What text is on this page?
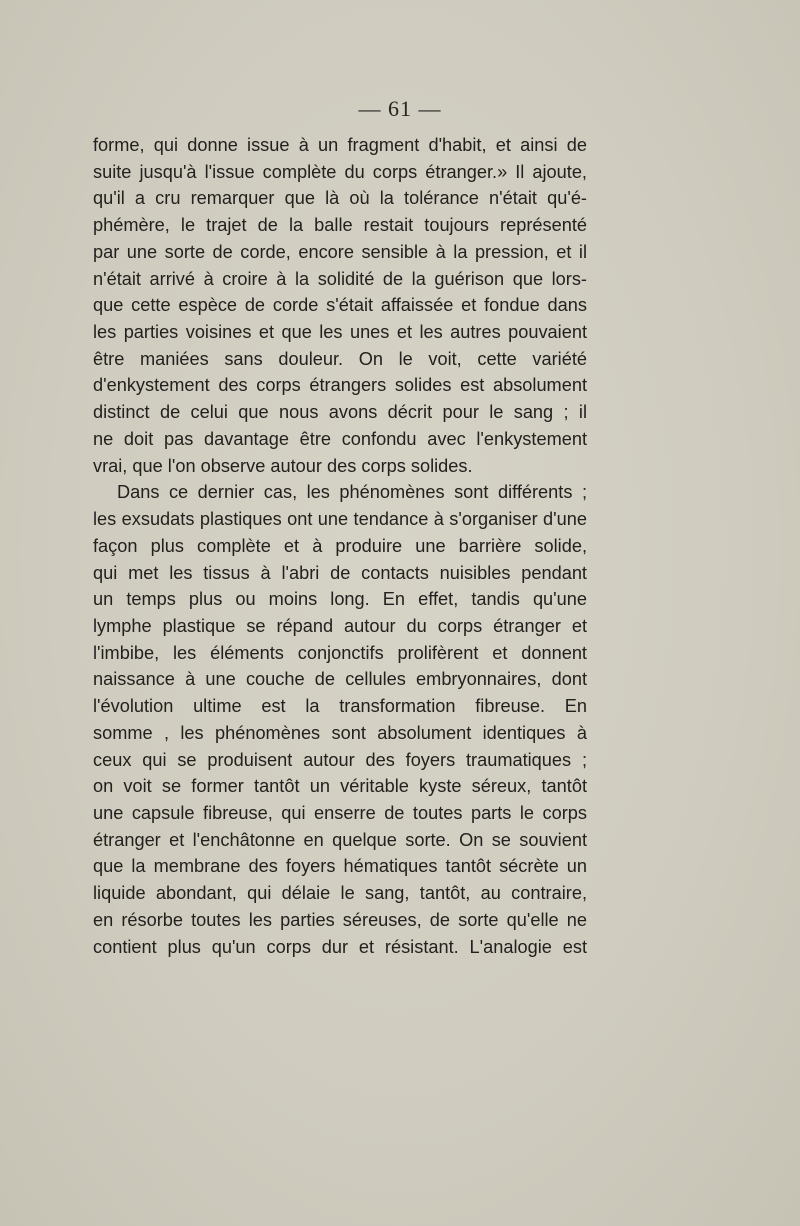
— 61 —
forme, qui donne issue à un fragment d'habit, et ainsi de
suite jusqu'à l'issue complète du corps étranger.» Il ajoute,
qu'il a cru remarquer que là où la tolérance n'était qu'é-
phémère, le trajet de la balle restait toujours représenté
par une sorte de corde, encore sensible à la pression, et il
n'était arrivé à croire à la solidité de la guérison que lors-
que cette espèce de corde s'était affaissée et fondue dans
les parties voisines et que les unes et les autres pouvaient
être maniées sans douleur. On le voit, cette variété
d'enkystement des corps étrangers solides est absolument
distinct de celui que nous avons décrit pour le sang ; il
ne doit pas davantage être confondu avec l'enkystement
vrai, que l'on observe autour des corps solides.
Dans ce dernier cas, les phénomènes sont différents ;
les exsudats plastiques ont une tendance à s'organiser d'une
façon plus complète et à produire une barrière solide,
qui met les tissus à l'abri de contacts nuisibles pendant
un temps plus ou moins long. En effet, tandis qu'une
lymphe plastique se répand autour du corps étranger et
l'imbibe, les éléments conjonctifs prolifèrent et donnent
naissance à une couche de cellules embryonnaires, dont
l'évolution ultime est la transformation fibreuse. En
somme , les phénomènes sont absolument identiques à
ceux qui se produisent autour des foyers traumatiques ;
on voit se former tantôt un véritable kyste séreux, tantôt
une capsule fibreuse, qui enserre de toutes parts le corps
étranger et l'enchâtonne en quelque sorte. On se souvient
que la membrane des foyers hématiques tantôt sécrète un
liquide abondant, qui délaie le sang, tantôt, au contraire,
en résorbe toutes les parties séreuses, de sorte qu'elle ne
contient plus qu'un corps dur et résistant. L'analogie est
